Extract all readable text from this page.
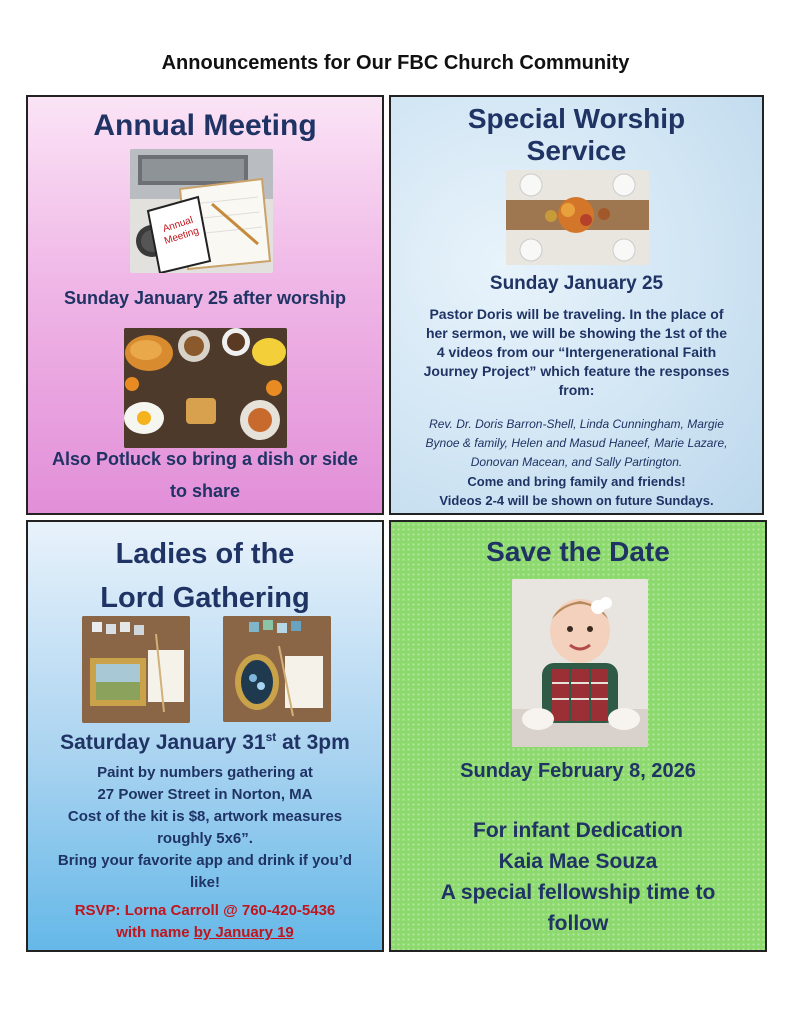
Announcements for Our FBC Church Community
Annual Meeting
Annual Meeting
Sunday January 25 after worship
Also Potluck so bring a dish or side
to share
Special Worship
Service
Sunday January 25
Pastor Doris will be traveling. In the place of
her sermon, we will be showing the 1st of the
4 videos from our “Intergenerational Faith
Journey Project” which feature the responses
from:
Rev. Dr. Doris Barron-Shell, Linda Cunningham, Margie
Bynoe & family, Helen and Masud Haneef, Marie Lazare,
Donovan Macean, and Sally Partington.
Come and bring family and friends!
Videos 2-4 will be shown on future Sundays.
Ladies of the
Lord Gathering
Saturday January 31st at 3pm
Paint by numbers gathering at
27 Power Street in Norton, MA
Cost of the kit is $8, artwork measures
roughly 5x6”.
Bring your favorite app and drink if you’d
like!
RSVP: Lorna Carroll @ 760-420-5436
with name by January 19
Save the Date
Sunday February 8, 2026
For infant Dedication
Kaia Mae Souza
A special fellowship time to
follow
